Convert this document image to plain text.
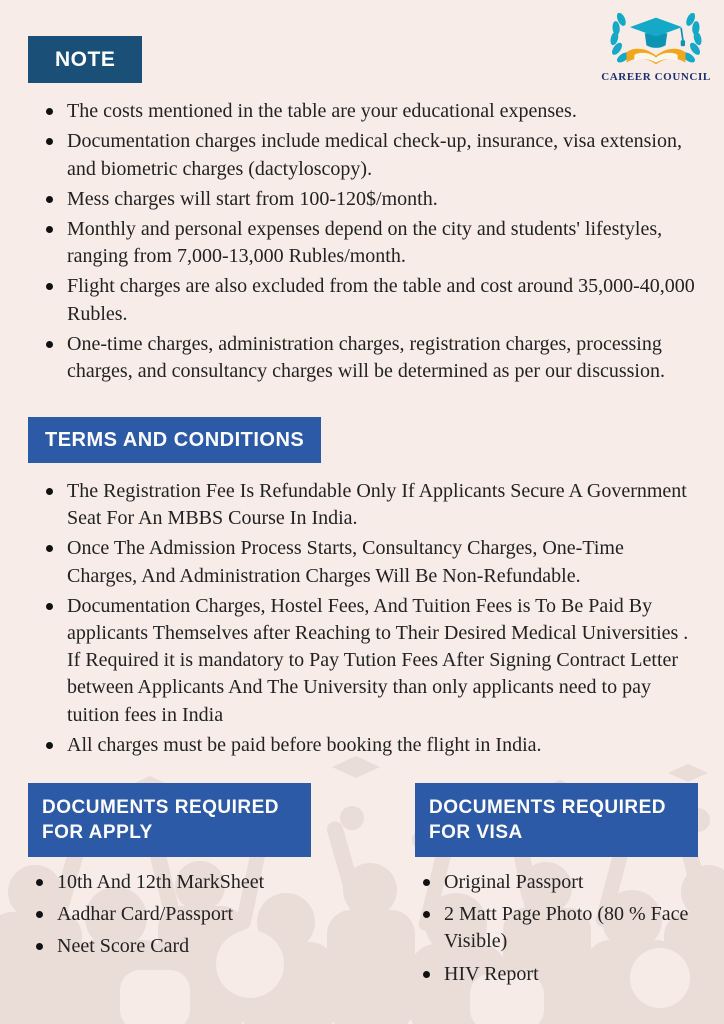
CAREER COUNCIL
NOTE
The costs mentioned in the table are your educational expenses.
Documentation charges include medical check-up, insurance, visa extension, and biometric charges (dactyloscopy).
Mess charges will start from 100-120$/month.
Monthly and personal expenses depend on the city and students' lifestyles, ranging from 7,000-13,000 Rubles/month.
Flight charges are also excluded from the table and cost around 35,000-40,000 Rubles.
One-time charges, administration charges, registration charges, processing charges, and consultancy charges will be determined as per our discussion.
TERMS AND CONDITIONS
The Registration Fee Is Refundable Only If Applicants Secure A Government Seat For An MBBS Course In India.
Once The Admission Process Starts, Consultancy Charges, One-Time Charges, And Administration Charges Will Be Non-Refundable.
Documentation Charges, Hostel Fees, And Tuition Fees is To Be Paid By applicants Themselves after Reaching to Their Desired Medical Universities . If Required it is mandatory to Pay Tution Fees After Signing Contract Letter between Applicants And The University than only applicants need to pay tuition fees in India
All charges must be paid before booking the flight in India.
DOCUMENTS REQUIRED FOR APPLY
10th And 12th MarkSheet
Aadhar Card/Passport
Neet Score Card
DOCUMENTS REQUIRED FOR VISA
Original Passport
2 Matt Page Photo (80 % Face Visible)
HIV Report
